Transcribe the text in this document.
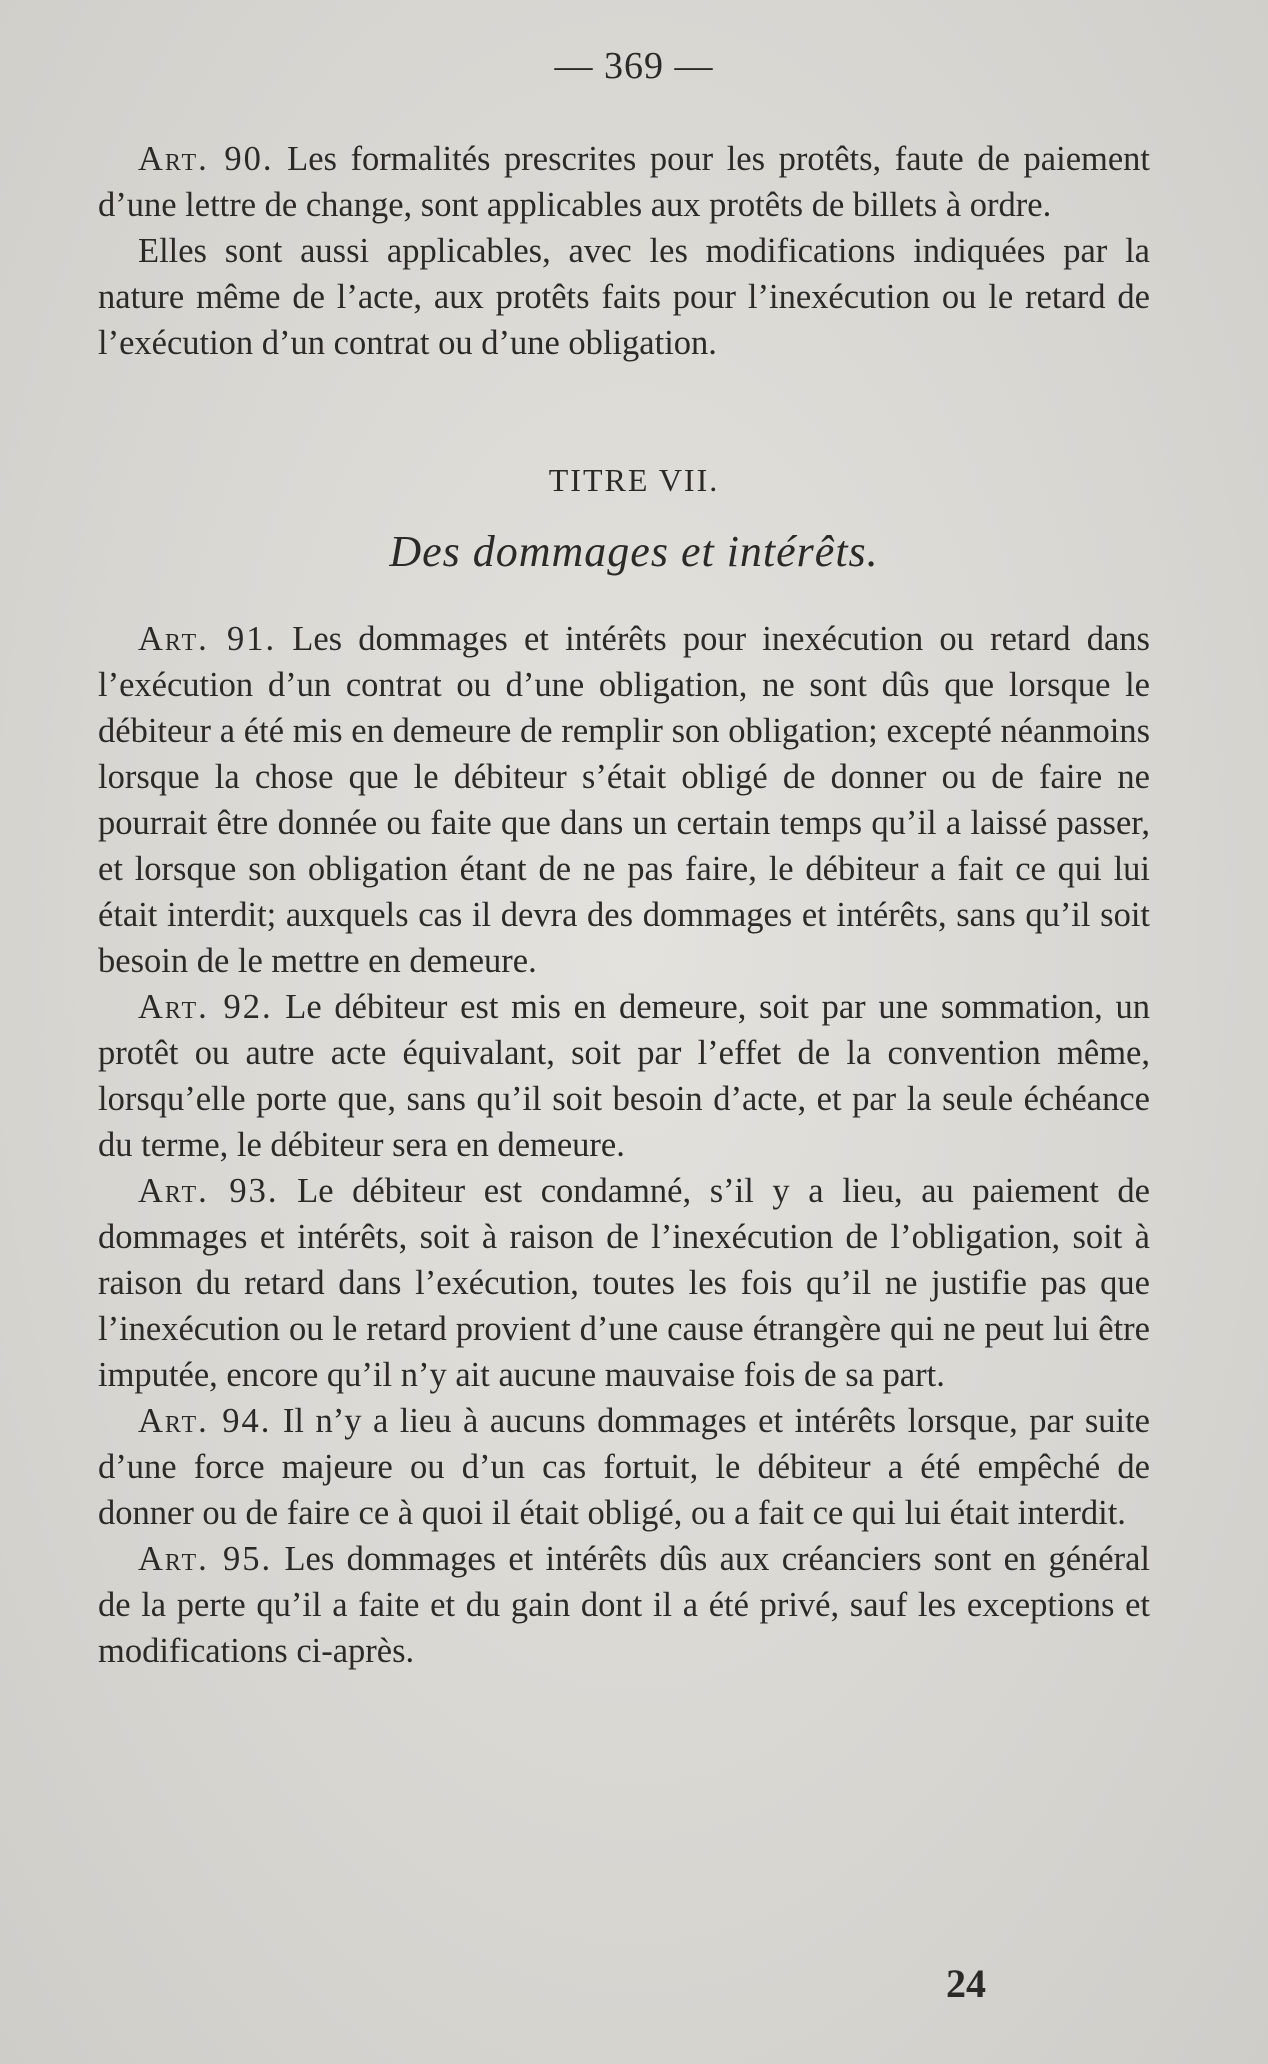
— 369 —

Art. 90. Les formalités prescrites pour les protêts, faute de paiement d’une lettre de change, sont applicables aux protêts de billets à ordre.

Elles sont aussi applicables, avec les modifications indiquées par la nature même de l’acte, aux protêts faits pour l’inexécution ou le retard de l’exécution d’un contrat ou d’une obligation.

TITRE VII.
Des dommages et intérêts.

Art. 91. Les dommages et intérêts pour inexécution ou retard dans l’exécution d’un contrat ou d’une obligation, ne sont dûs que lorsque le débiteur a été mis en demeure de remplir son obligation; excepté néanmoins lorsque la chose que le débiteur s’était obligé de donner ou de faire ne pourrait être donnée ou faite que dans un certain temps qu’il a laissé passer, et lorsque son obligation étant de ne pas faire, le débiteur a fait ce qui lui était interdit; auxquels cas il devra des dommages et intérêts, sans qu’il soit besoin de le mettre en demeure.

Art. 92. Le débiteur est mis en demeure, soit par une sommation, un protêt ou autre acte équivalant, soit par l’effet de la convention même, lorsqu’elle porte que, sans qu’il soit besoin d’acte, et par la seule échéance du terme, le débiteur sera en demeure.

Art. 93. Le débiteur est condamné, s’il y a lieu, au paiement de dommages et intérêts, soit à raison de l’inexécution de l’obligation, soit à raison du retard dans l’exécution, toutes les fois qu’il ne justifie pas que l’inexécution ou le retard provient d’une cause étrangère qui ne peut lui être imputée, encore qu’il n’y ait aucune mauvaise fois de sa part.

Art. 94. Il n’y a lieu à aucuns dommages et intérêts lorsque, par suite d’une force majeure ou d’un cas fortuit, le débiteur a été empêché de donner ou de faire ce à quoi il était obligé, ou a fait ce qui lui était interdit.

Art. 95. Les dommages et intérêts dûs aux créanciers sont en général de la perte qu’il a faite et du gain dont il a été privé, sauf les exceptions et modifications ci-après.

24
